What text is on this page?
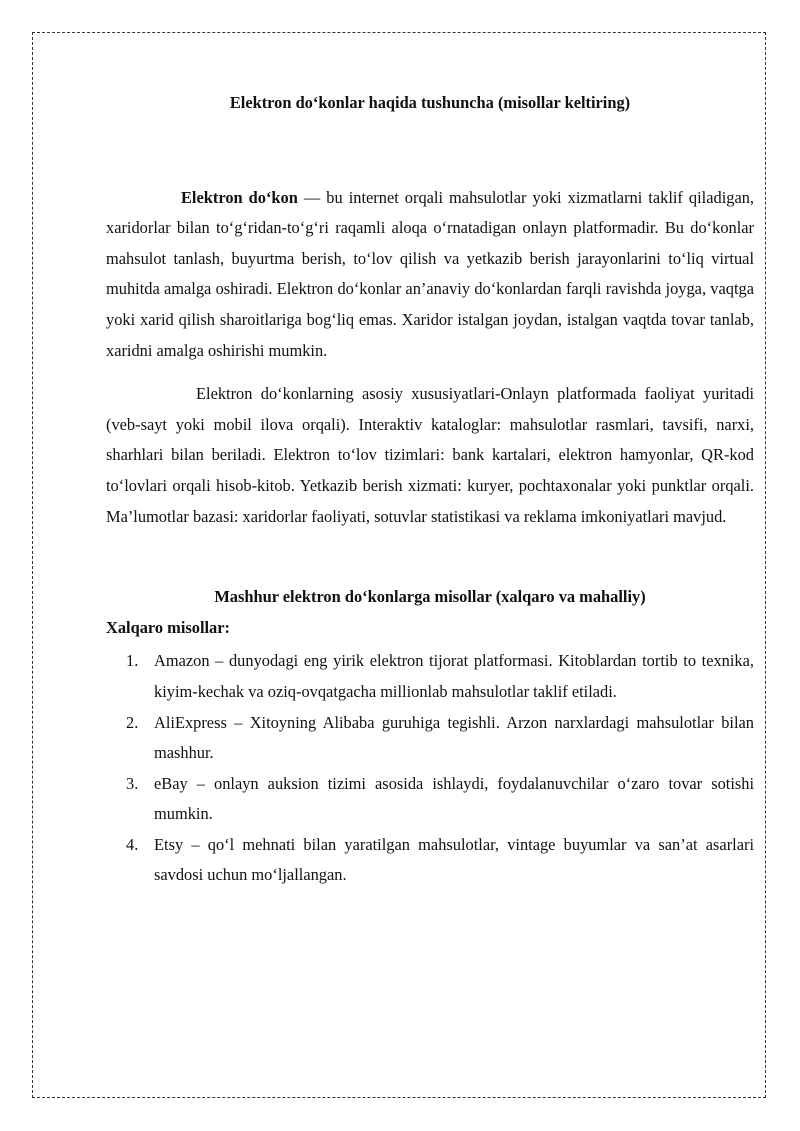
Elektron do‘konlar haqida tushuncha (misollar keltiring)

Elektron do‘kon — bu internet orqali mahsulotlar yoki xizmatlarni taklif qiladigan, xaridorlar bilan to‘g‘ridan-to‘g‘ri raqamli aloqa o‘rnatadigan onlayn platformadir. Bu do‘konlar mahsulot tanlash, buyurtma berish, to‘lov qilish va yetkazib berish jarayonlarini to‘liq virtual muhitda amalga oshiradi. Elektron do‘konlar an’anaviy do‘konlardan farqli ravishda joyga, vaqtga yoki xarid qilish sharoitlariga bog‘liq emas. Xaridor istalgan joydan, istalgan vaqtda tovar tanlab, xaridni amalga oshirishi mumkin.

Elektron do‘konlarning asosiy xususiyatlari-Onlayn platformada faoliyat yuritadi (veb-sayt yoki mobil ilova orqali). Interaktiv kataloglar: mahsulotlar rasmlari, tavsifi, narxi, sharhlari bilan beriladi. Elektron to‘lov tizimlari: bank kartalari, elektron hamyonlar, QR-kod to‘lovlari orqali hisob-kitob. Yetkazib berish xizmati: kuryer, pochtaxonalar yoki punktlar orqali. Ma’lumotlar bazasi: xaridorlar faoliyati, sotuvlar statistikasi va reklama imkoniyatlari mavjud.

Mashhur elektron do‘konlarga misollar (xalqaro va mahalliy)

Xalqaro misollar:

1. Amazon – dunyodagi eng yirik elektron tijorat platformasi. Kitoblardan tortib to texnika, kiyim-kechak va oziq-ovqatgacha millionlab mahsulotlar taklif etiladi.
2. AliExpress – Xitoyning Alibaba guruhiga tegishli. Arzon narxlardagi mahsulotlar bilan mashhur.
3. eBay – onlayn auksion tizimi asosida ishlaydi, foydalanuvchilar o‘zaro tovar sotishi mumkin.
4. Etsy – qo‘l mehnati bilan yaratilgan mahsulotlar, vintage buyumlar va san’at asarlari savdosi uchun mo‘ljallangan.
